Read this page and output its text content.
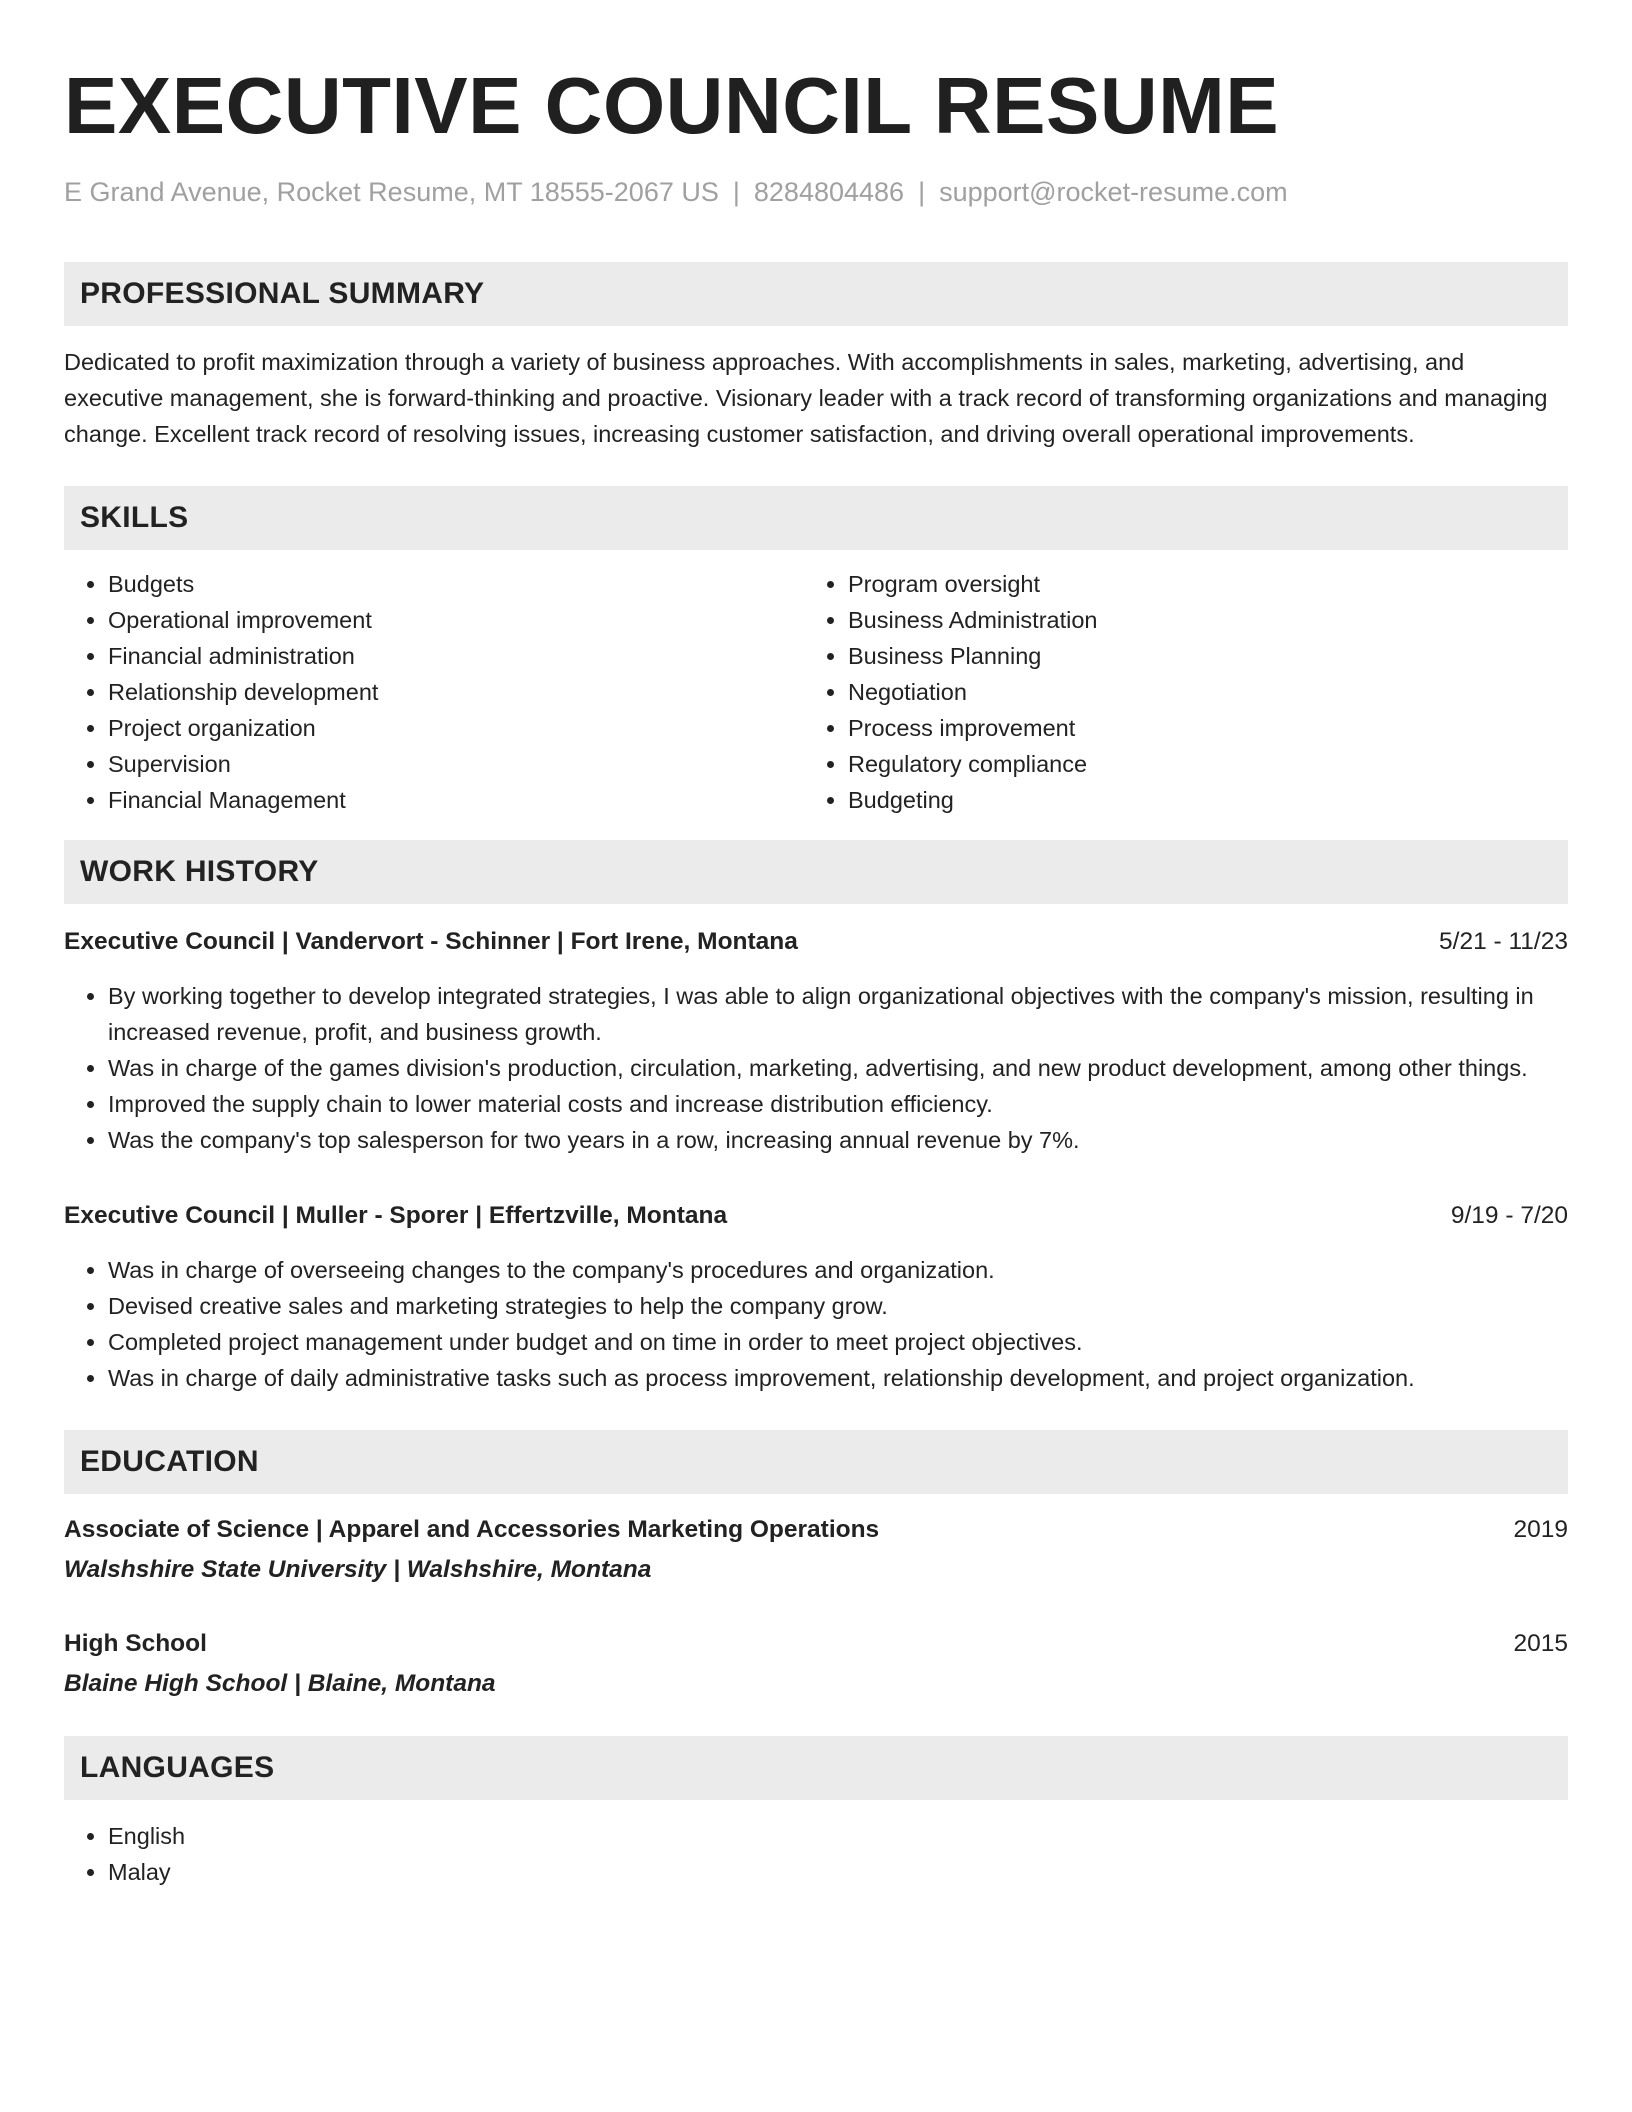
EXECUTIVE COUNCIL RESUME
E Grand Avenue, Rocket Resume, MT 18555-2067 US | 8284804486 | support@rocket-resume.com
PROFESSIONAL SUMMARY
Dedicated to profit maximization through a variety of business approaches. With accomplishments in sales, marketing, advertising, and executive management, she is forward-thinking and proactive. Visionary leader with a track record of transforming organizations and managing change. Excellent track record of resolving issues, increasing customer satisfaction, and driving overall operational improvements.
SKILLS
• Budgets
• Operational improvement
• Financial administration
• Relationship development
• Project organization
• Supervision
• Financial Management
• Program oversight
• Business Administration
• Business Planning
• Negotiation
• Process improvement
• Regulatory compliance
• Budgeting
WORK HISTORY
Executive Council | Vandervort - Schinner | Fort Irene, Montana	5/21 - 11/23
• By working together to develop integrated strategies, I was able to align organizational objectives with the company's mission, resulting in increased revenue, profit, and business growth.
• Was in charge of the games division's production, circulation, marketing, advertising, and new product development, among other things.
• Improved the supply chain to lower material costs and increase distribution efficiency.
• Was the company's top salesperson for two years in a row, increasing annual revenue by 7%.
Executive Council | Muller - Sporer | Effertzville, Montana	9/19 - 7/20
• Was in charge of overseeing changes to the company's procedures and organization.
• Devised creative sales and marketing strategies to help the company grow.
• Completed project management under budget and on time in order to meet project objectives.
• Was in charge of daily administrative tasks such as process improvement, relationship development, and project organization.
EDUCATION
Associate of Science | Apparel and Accessories Marketing Operations	2019
Walshshire State University | Walshshire, Montana
High School	2015
Blaine High School | Blaine, Montana
LANGUAGES
• English
• Malay
